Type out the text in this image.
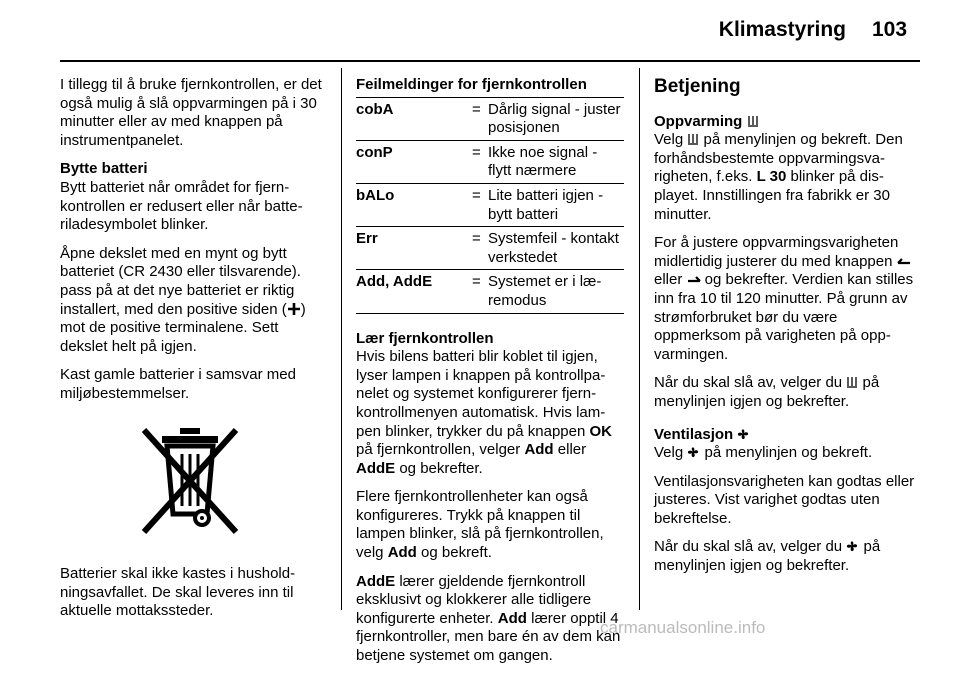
Klimastyring 103

I tillegg til å bruke fjernkontrollen, er det også mulig å slå oppvarmingen på i 30 minutter eller av med knappen på instrumentpanelet.

Bytte batteri

Bytt batteriet når området for fjernkontrollen er redusert eller når batteriladesymbolet blinker.

Åpne dekslet med en mynt og bytt batteriet (CR 2430 eller tilsvarende). pass på at det nye batteriet er riktig installert, med den positive siden ( ) mot de positive terminalene. Sett dekslet helt på igjen.

Kast gamle batterier i samsvar med miljøbestemmelser.

Batterier skal ikke kastes i husholdningsavfallet. De skal leveres inn til aktuelle mottakssteder.

Feilmeldinger for fjernkontrollen
cobA	= Dårlig signal - juster posisjonen
conP	= Ikke noe signal - flytt nærmere
bALo	= Lite batteri igjen - bytt batteri
Err	= Systemfeil - kontakt verkstedet
Add, AddE	= Systemet er i læremodus
Lær fjernkontrollen

Hvis bilens batteri blir koblet til igjen, lyser lampen i knappen på kontrollpanelet og systemet konfigurerer fjernkontrollmenyen automatisk. Hvis lampen blinker, trykker du på knappen OK på fjernkontrollen, velger Add eller AddE og bekrefter.

Flere fjernkontrollenheter kan også konfigureres. Trykk på knappen til lampen blinker, slå på fjernkontrollen, velg Add og bekreft.

AddE lærer gjeldende fjernkontroll eksklusivt og klokkerer alle tidligere konfigurerte enheter. Add lærer opptil 4 fjernkontroller, men bare én av dem kan betjene systemet om gangen.

Betjening
Oppvarming

Velg  på menylinjen og bekreft. Den forhåndsbestemte oppvarmingsvarigheten, f.eks. L 30 blinker på displayet. Innstillingen fra fabrikk er 30 minutter.

For å justere oppvarmingsvarigheten midlertidig justerer du med knappen  eller  og bekrefter. Verdien kan stilles inn fra 10 til 120 minutter. På grunn av strømforbruket bør du være oppmerksom på varigheten på oppvarmingen.

Når du skal slå av, velger du  på menylinjen igjen og bekrefter.

Ventilasjon

Velg  på menylinjen og bekreft.

Ventilasjonsvarigheten kan godtas eller justeres. Vist varighet godtas uten bekreftelse.

Når du skal slå av, velger du  på menylinjen igjen og bekrefter.

carmanualsonline.info
